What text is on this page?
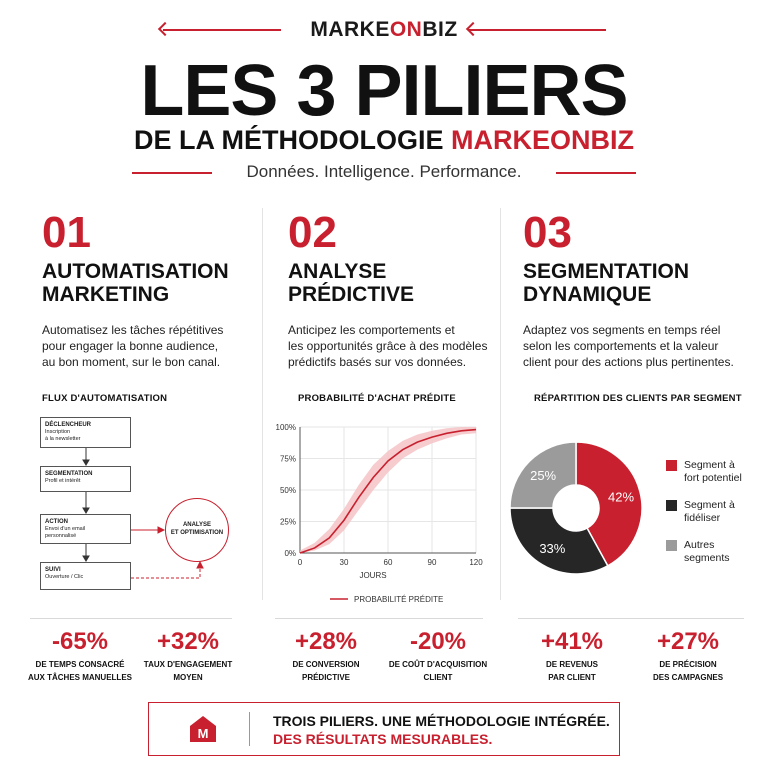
MARKEONBIZ
LES 3 PILIERS
DE LA MÉTHODOLOGIE MARKEONBIZ
Données. Intelligence. Performance.
01
AUTOMATISATION
MARKETING
Automatisez les tâches répétitives
pour engager la bonne audience,
au bon moment, sur le bon canal.
FLUX D'AUTOMATISATION
DÉCLENCHEUR
Inscription
à la newsletter
SEGMENTATION
Profil et intérêt
ACTION
Envoi d'un email
personnalisé
SUIVI
Ouverture / Clic
ANALYSE
ET OPTIMISATION
02
ANALYSE
PRÉDICTIVE
Anticipez les comportements et
les opportunités grâce à des modèles
prédictifs basés sur vos données.
PROBABILITÉ D'ACHAT PRÉDITE
0%
25%
50%
75%
100%
0	30	60	90	120
JOURS
PROBABILITÉ PRÉDITE
03
SEGMENTATION
DYNAMIQUE
Adaptez vos segments en temps réel
selon les comportements et la valeur
client pour des actions plus pertinentes.
RÉPARTITION DES CLIENTS PAR SEGMENT
42%
Segment à
fort potentiel
33%
Segment à
fidéliser
25%
Autres
segments
-65%
DE TEMPS CONSACRÉ
AUX TÂCHES MANUELLES
+32%
TAUX D'ENGAGEMENT
MOYEN
+28%
DE CONVERSION
PRÉDICTIVE
-20%
DE COÛT D'ACQUISITION
CLIENT
+41%
DE REVENUS
PAR CLIENT
+27%
DE PRÉCISION
DES CAMPAGNES
M
TROIS PILIERS. UNE MÉTHODOLOGIE INTÉGRÉE.
DES RÉSULTATS MESURABLES.
